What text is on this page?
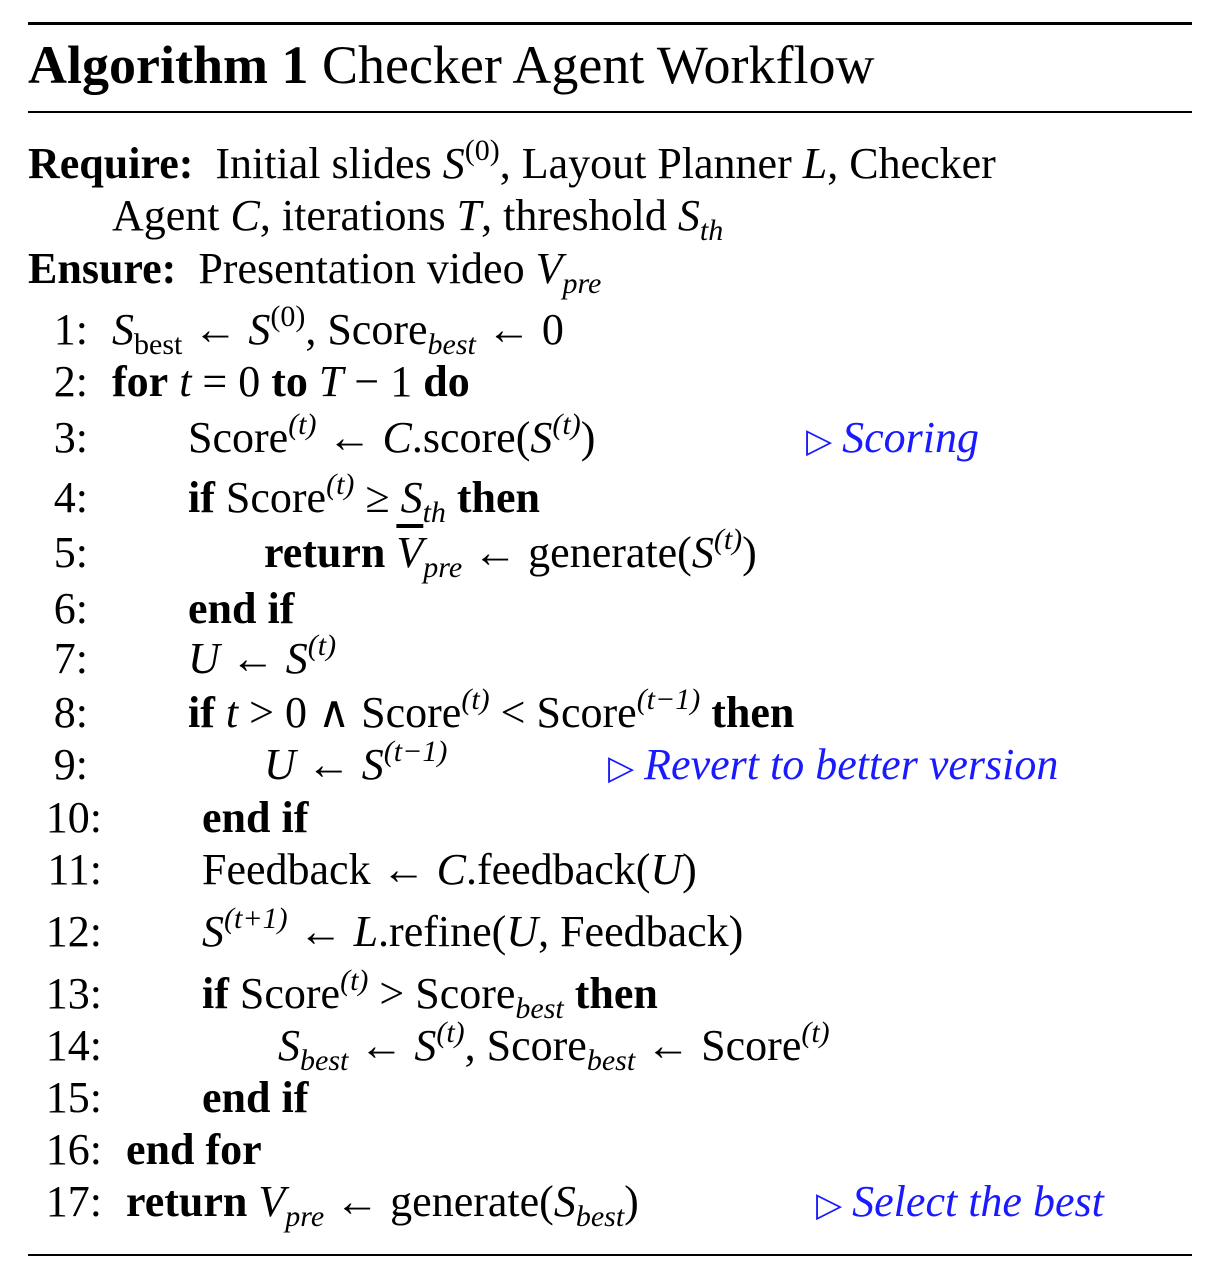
Algorithm 1 Checker Agent Workflow
Require: Initial slides $S^{(0)}$, Layout Planner L, Checker
Agent C, iterations T, threshold $S_{th}$
Ensure: Presentation video $V_{pre}$
1:
2:
3:
4:
5:
6:
7:
8:
9:
10:
11:
12:
13:
14:
15:
16:
17:
$S_{best}$ ← $S^{(0)}$, Score$_{best}$ ← 0
for t = 0 to T − 1 do
Score$^{(t)}$ ← $C.score(S^{(t)})$	▷ Scoring
if Score$^{(t)}$ ≥ $S_{th}$ then
return $\overline{V}_{pre}$ ← $generate(S^{(t)})$
end if
U ← $S^{(t)}$
if t > 0 ∧ Score$^{(t)}$ < Score$^{(t-1)}$ then
U ← $S^{(t-1)}$	▷ Revert to better version
end if
Feedback ← C.feedback(U)
$S^{(t+1)}$ ← L.refine(U, Feedback)
if Score$^{(t)}$ > Score$_{best}$ then
$S_{best}$ ← $S^{(t)}$, Score$_{best}$ ← Score$^{(t)}$
end if
end for
return $V_{pre}$ ← $generate(S_{best})$	▷ Select the best
